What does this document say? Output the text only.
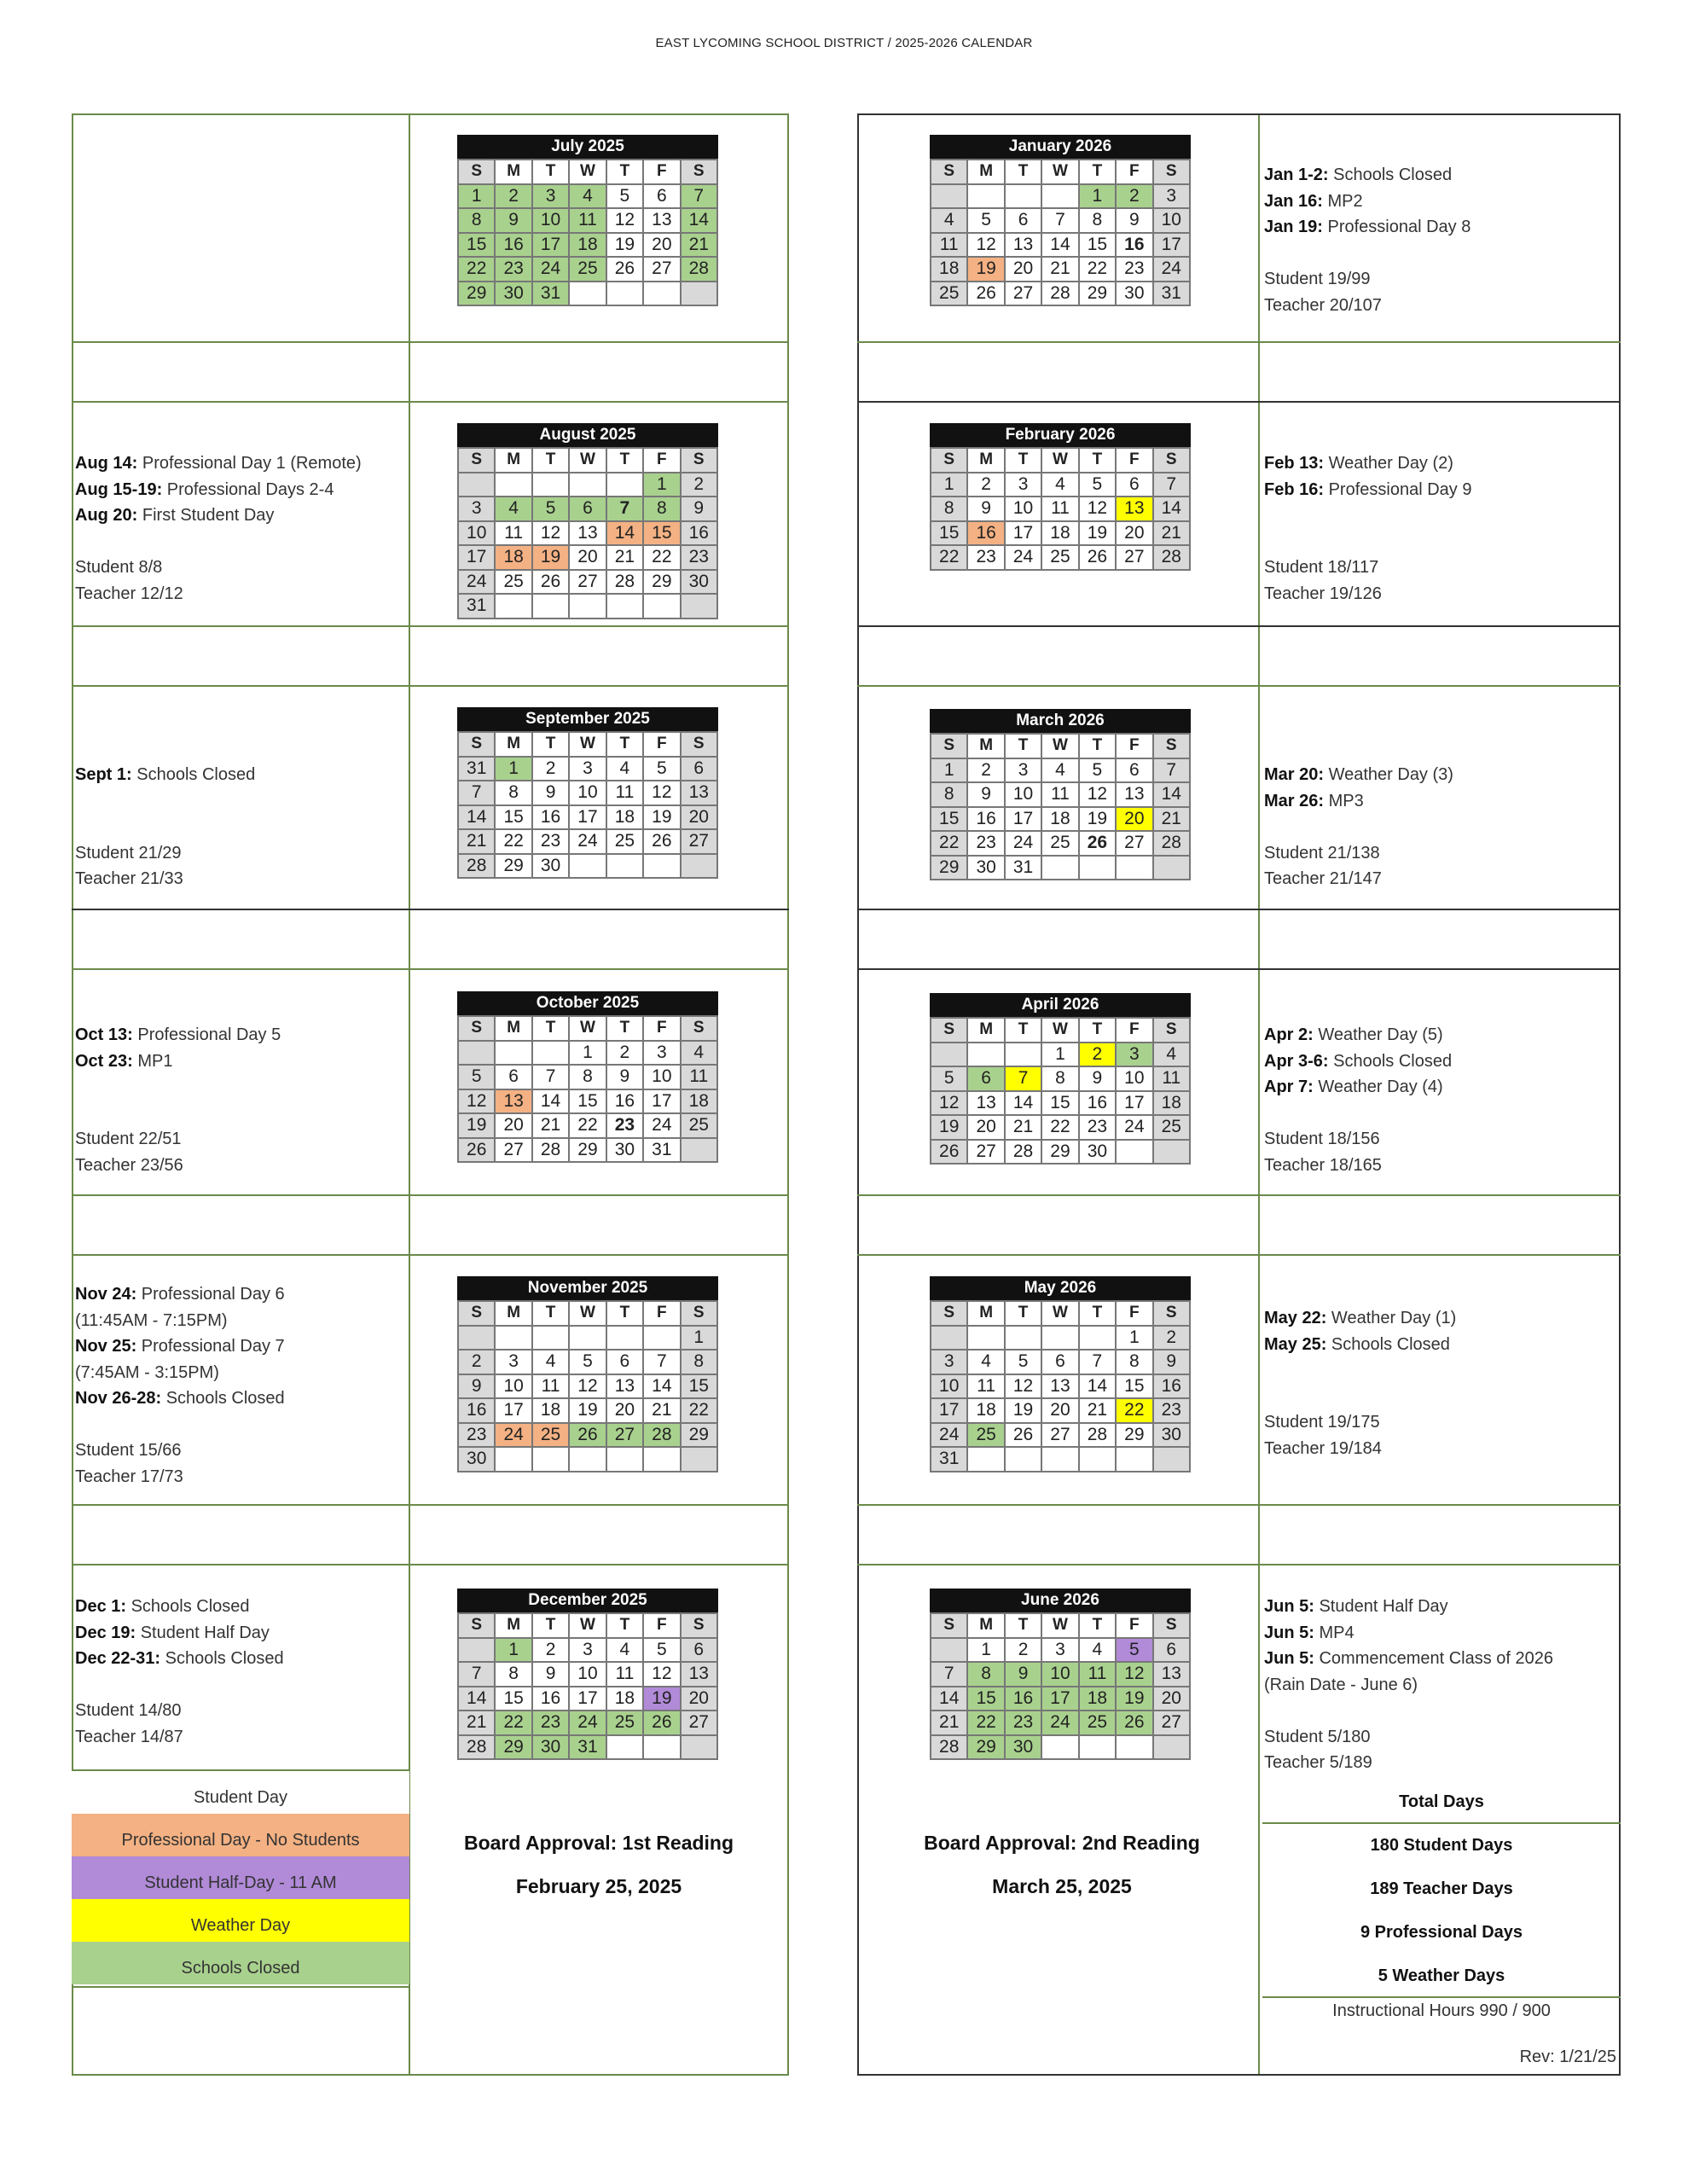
EAST LYCOMING SCHOOL DISTRICT / 2025-2026 CALENDAR
July 2025
S	M	T	W	T	F	S
1	2	3	4	5	6	7
8	9	10	11	12	13	14
15	16	17	18	19	20	21
22	23	24	25	26	27	28
29	30	31				
August 2025
S	M	T	W	T	F	S
					1	2
3	4	5	6	7	8	9
10	11	12	13	14	15	16
17	18	19	20	21	22	23
24	25	26	27	28	29	30
31						
September 2025
S	M	T	W	T	F	S
31	1	2	3	4	5	6
7	8	9	10	11	12	13
14	15	16	17	18	19	20
21	22	23	24	25	26	27
28	29	30				
October 2025
S	M	T	W	T	F	S
			1	2	3	4
5	6	7	8	9	10	11
12	13	14	15	16	17	18
19	20	21	22	23	24	25
26	27	28	29	30	31	
November 2025
S	M	T	W	T	F	S
						1
2	3	4	5	6	7	8
9	10	11	12	13	14	15
16	17	18	19	20	21	22
23	24	25	26	27	28	29
30						
December 2025
S	M	T	W	T	F	S
	1	2	3	4	5	6
7	8	9	10	11	12	13
14	15	16	17	18	19	20
21	22	23	24	25	26	27
28	29	30	31			
January 2026
S	M	T	W	T	F	S
				1	2	3
4	5	6	7	8	9	10
11	12	13	14	15	16	17
18	19	20	21	22	23	24
25	26	27	28	29	30	31
February 2026
S	M	T	W	T	F	S
1	2	3	4	5	6	7
8	9	10	11	12	13	14
15	16	17	18	19	20	21
22	23	24	25	26	27	28
March 2026
S	M	T	W	T	F	S
1	2	3	4	5	6	7
8	9	10	11	12	13	14
15	16	17	18	19	20	21
22	23	24	25	26	27	28
29	30	31				
April 2026
S	M	T	W	T	F	S
			1	2	3	4
5	6	7	8	9	10	11
12	13	14	15	16	17	18
19	20	21	22	23	24	25
26	27	28	29	30		
May 2026
S	M	T	W	T	F	S
					1	2
3	4	5	6	7	8	9
10	11	12	13	14	15	16
17	18	19	20	21	22	23
24	25	26	27	28	29	30
31						
June 2026
S	M	T	W	T	F	S
	1	2	3	4	5	6
7	8	9	10	11	12	13
14	15	16	17	18	19	20
21	22	23	24	25	26	27
28	29	30				
Aug 14: Professional Day 1 (Remote)
Aug 15-19: Professional Days 2-4
Aug 20: First Student Day
Student 8/8
Teacher 12/12
Sept 1: Schools Closed
Student 21/29
Teacher 21/33
Oct 13: Professional Day 5
Oct 23: MP1
Student 22/51
Teacher 23/56
Nov 24: Professional Day 6
(11:45AM - 7:15PM)
Nov 25: Professional Day 7
(7:45AM - 3:15PM)
Nov 26-28: Schools Closed
Student 15/66
Teacher 17/73
Dec 1: Schools Closed
Dec 19: Student Half Day
Dec 22-31: Schools Closed
Student 14/80
Teacher 14/87
Jan 1-2: Schools Closed
Jan 16: MP2
Jan 19: Professional Day 8
Student 19/99
Teacher 20/107
Feb 13: Weather Day (2)
Feb 16: Professional Day 9
Student 18/117
Teacher 19/126
Mar 20: Weather Day (3)
Mar 26: MP3
Student 21/138
Teacher 21/147
Apr 2: Weather Day (5)
Apr 3-6: Schools Closed
Apr 7: Weather Day (4)
Student 18/156
Teacher 18/165
May 22: Weather Day (1)
May 25: Schools Closed
Student 19/175
Teacher 19/184
Jun 5: Student Half Day
Jun 5: MP4
Jun 5: Commencement Class of 2026
(Rain Date - June 6)
Student 5/180
Teacher 5/189
Student Day
Professional Day - No Students
Student Half-Day - 11 AM
Weather Day
Schools Closed
Board Approval: 1st Reading
February 25, 2025
Board Approval: 2nd Reading
March 25, 2025
Total Days
180 Student Days
189 Teacher Days
9 Professional Days
5 Weather Days
Instructional Hours 990 / 900
Rev: 1/21/25
